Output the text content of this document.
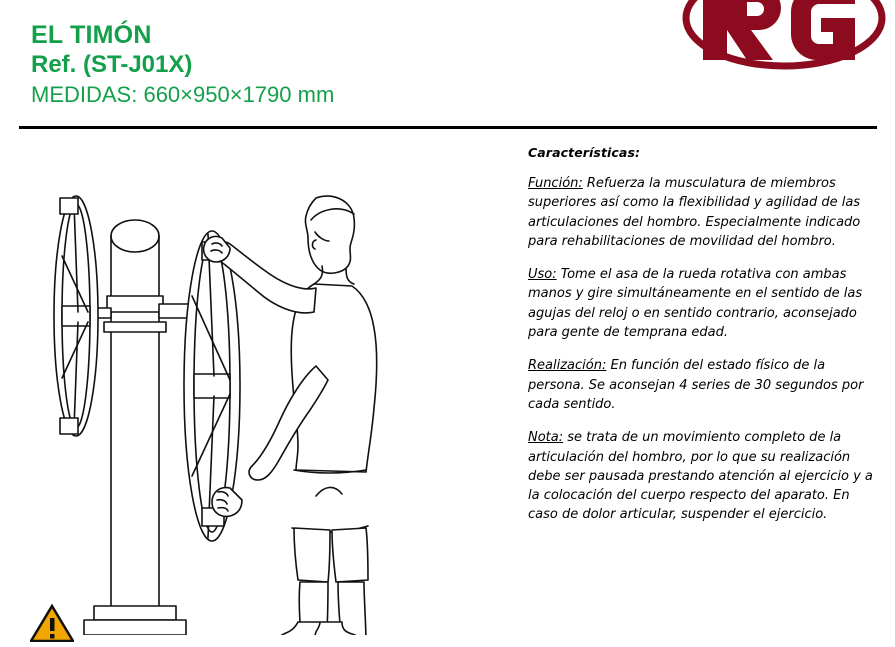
EL TIMÓN
Ref. (ST-J01X)
MEDIDAS: 660×950×1790 mm
Características:

Función: Refuerza la musculatura de miembros superiores así como la flexibilidad y agilidad de las articulaciones del hombro. Especialmente indicado para rehabilitaciones de movilidad del hombro.

Uso: Tome el asa de la rueda rotativa con ambas manos y gire simultáneamente en el sentido de las agujas del reloj o en sentido contrario, aconsejado para gente de temprana edad.

Realización: En función del estado físico de la persona. Se aconsejan 4 series de 30 segundos por cada sentido.

Nota: se trata de un movimiento completo de la articulación del hombro, por lo que su realización debe ser pausada prestando atención al ejercicio y a la colocación del cuerpo respecto del aparato. En caso de dolor articular, suspender el ejercicio.
